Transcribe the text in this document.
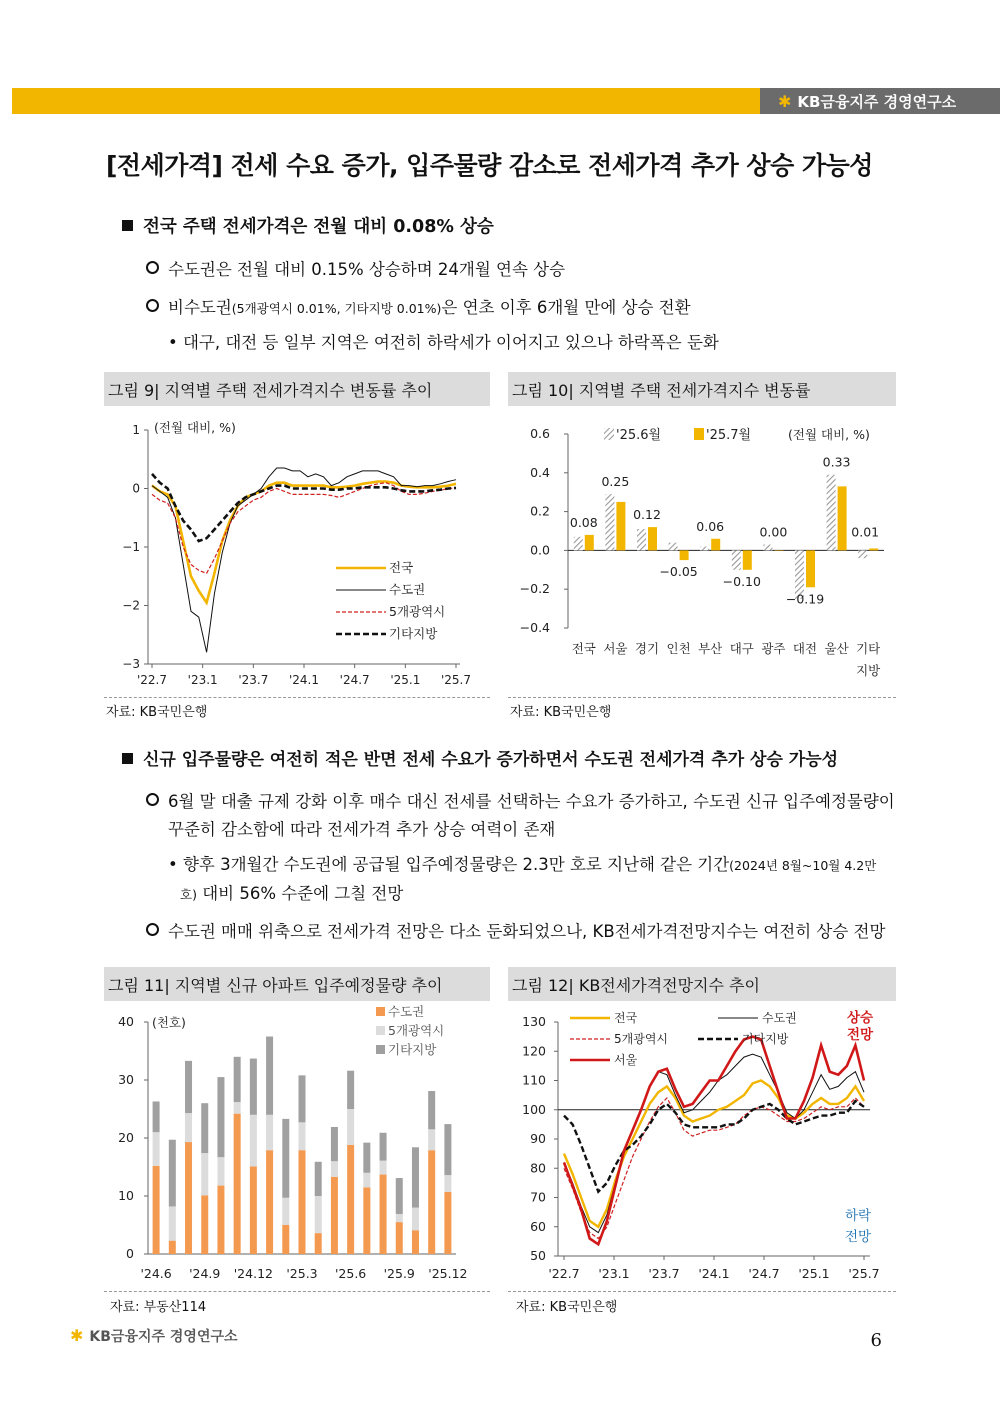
✱ KB금융지주 경영연구소
[전세가격] 전세 수요 증가, 입주물량 감소로 전세가격 추가 상승 가능성
전국 주택 전세가격은 전월 대비 0.08% 상승
수도권은 전월 대비 0.15% 상승하며 24개월 연속 상승
비수도권(5개광역시 0.01%, 기타지방 0.01%)은 연초 이후 6개월 만에 상승 전환
• 대구, 대전 등 일부 지역은 여전히 하락세가 이어지고 있으나 하락폭은 둔화
그림 9| 지역별 주택 전세가격지수 변동률 추이
1
0
−1
−2
−3
(전월 대비, %)
'22.7 '23.1 '23.7 '24.1 '24.7 '25.1 '25.7
전국
수도권
5개광역시
기타지방
자료: KB국민은행
그림 10| 지역별 주택 전세가격지수 변동률
0.6
0.4
0.2
0.0
−0.2
−0.4
전국
0.08
서울
0.25
경기
0.12
인천
−0.05
부산
0.06
대구
−0.10
광주
0.00
대전
−0.19
울산
0.33
기타
0.01
지방
'25.6월	'25.7월	(전월 대비, %)
자료: KB국민은행
신규 입주물량은 여전히 적은 반면 전세 수요가 증가하면서 수도권 전세가격 추가 상승 가능성
6월 말 대출 규제 강화 이후 매수 대신 전세를 선택하는 수요가 증가하고, 수도권 신규 입주예정물량이
꾸준히 감소함에 따라 전세가격 추가 상승 여력이 존재
• 향후 3개월간 수도권에 공급될 입주예정물량은 2.3만 호로 지난해 같은 기간(2024년 8월~10월 4.2만
호) 대비 56% 수준에 그칠 전망
수도권 매매 위축으로 전세가격 전망은 다소 둔화되었으나, KB전세가격전망지수는 여전히 상승 전망
그림 11| 지역별 신규 아파트 입주예정물량 추이
40
30
20
10
0
(천호)
'24.6 '24.9 '24.12 '25.3 '25.6 '25.9 '25.12
수도권
5개광역시
기타지방
자료: 부동산114
그림 12| KB전세가격전망지수 추이
130
120
110
100
90
80
70
60
50
'22.7 '23.1 '23.7 '24.1 '24.7 '25.1 '25.7
전국	수도권
5개광역시	기타지방
서울
상승
전망
하락
전망
자료: KB국민은행
✱ KB금융지주 경영연구소	6
